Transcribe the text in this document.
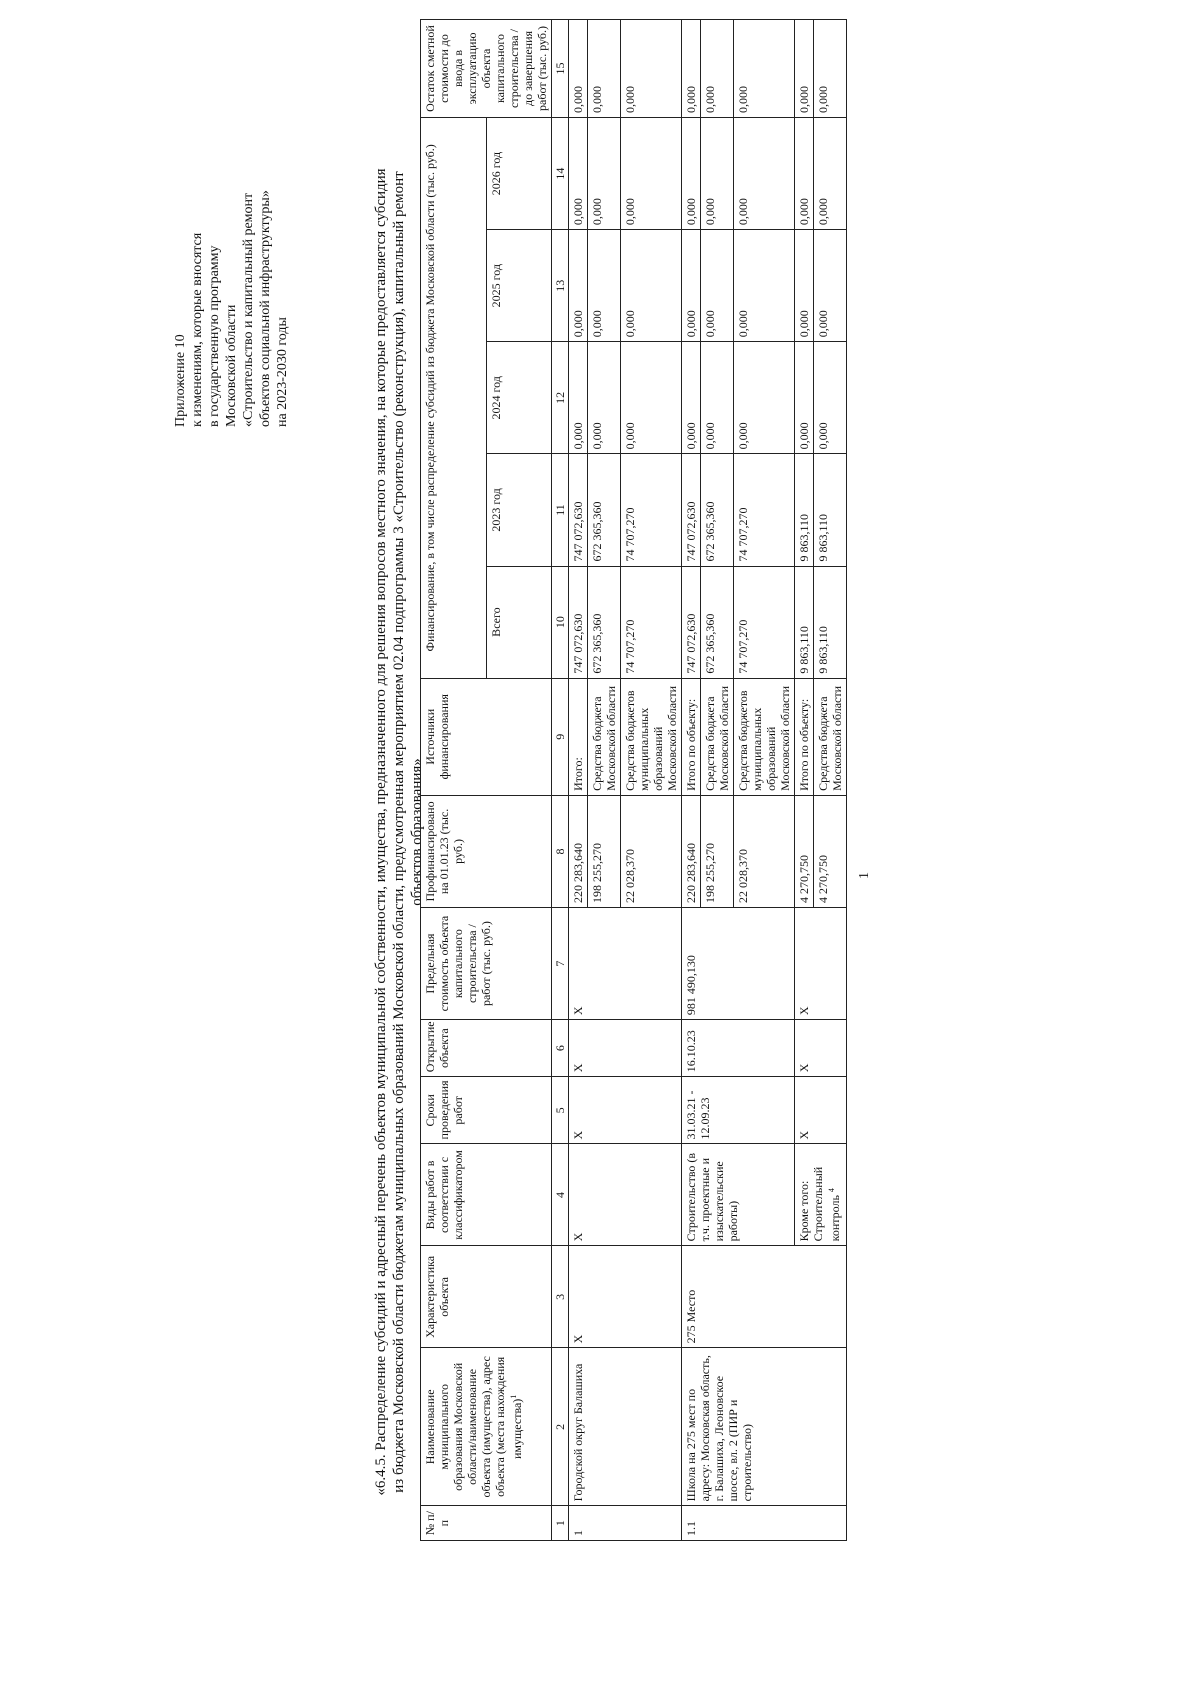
Приложение 10 к изменениям, которые вносятся в государственную программу Московской области «Строительство и капитальный ремонт объектов социальной инфраструктуры» на 2023-2030 годы	«6.4.5. Распределение субсидий и адресный перечень объектов муниципальной собственности, имущества, предназначенного для решения вопросов местного значения, на которые предоставляется субсидия из бюджета Московской области бюджетам муниципальных образований Московской области, предусмотренная мероприятием 02.04 подпрограммы 3 «Строительство (реконструкция), капитальный ремонт объектов образования»
№ п/п	Наименование муниципального образования Московской области/наименование объекта (имущества), адрес объекта (места нахождения имущества)$^1$	Характеристика объекта	Виды работ в соответствии с классификатором	Сроки проведения работ	Открытие объекта	Предельная стоимость объекта капитального строительства / работ (тыс. руб.)	Профинансировано на 01.01.23 (тыс. руб.)	Источники финансирования	Финансирование, в том числе распределение субсидий из бюджета Московской области (тыс. руб.)					Остаток сметной стоимости до ввода в эксплуатацию объекта капитального строительства / до завершения работ (тыс. руб.)
									Всего	2023 год	2024 год	2025 год	2026 год	
1	2	3	4	5	6	7	8	9	10	11	12	13	14	15
1	Городской округ Балашиха	Х	Х	Х	Х	Х	220 283,640	Итого:	747 072,630	747 072,630	0,000	0,000	0,000	0,000
							198 255,270	Средства бюджета Московской области	672 365,360	672 365,360	0,000	0,000	0,000	0,000
							22 028,370	Средства бюджетов муниципальных образований Московской области	74 707,270	74 707,270	0,000	0,000	0,000	0,000
1.1	Школа на 275 мест по адресу: Московская область, г. Балашиха, Леоновское шоссе, вл. 2 (ПИР и строительство)	275 Место	Строительство (в т.ч. проектные и изыскательские работы)	31.03.21 - 12.09.23	16.10.23	981 490,130	220 283,640	Итого по объекту:	747 072,630	747 072,630	0,000	0,000	0,000	0,000
							198 255,270	Средства бюджета Московской области	672 365,360	672 365,360	0,000	0,000	0,000	0,000
							22 028,370	Средства бюджетов муниципальных образований Московской области	74 707,270	74 707,270	0,000	0,000	0,000	0,000
			Кроме того: Строительный контроль $^4$	Х	Х	Х	4 270,750	Итого по объекту:	9 863,110	9 863,110	0,000	0,000	0,000	0,000
							4 270,750	Средства бюджета Московской области	9 863,110	9 863,110	0,000	0,000	0,000	0,000
1
